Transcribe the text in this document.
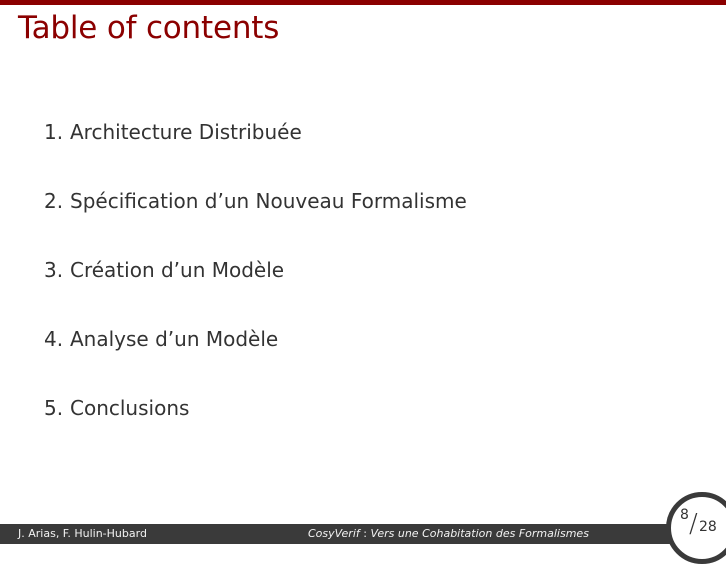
Table of contents
1. Architecture Distribuée
2. Spécification d’un Nouveau Formalisme
3. Création d’un Modèle
4. Analyse d’un Modèle
5. Conclusions
J. Arias, F. Hulin-Hubard	CosyVerif : Vers une Cohabitation des Formalismes
8 / 28
